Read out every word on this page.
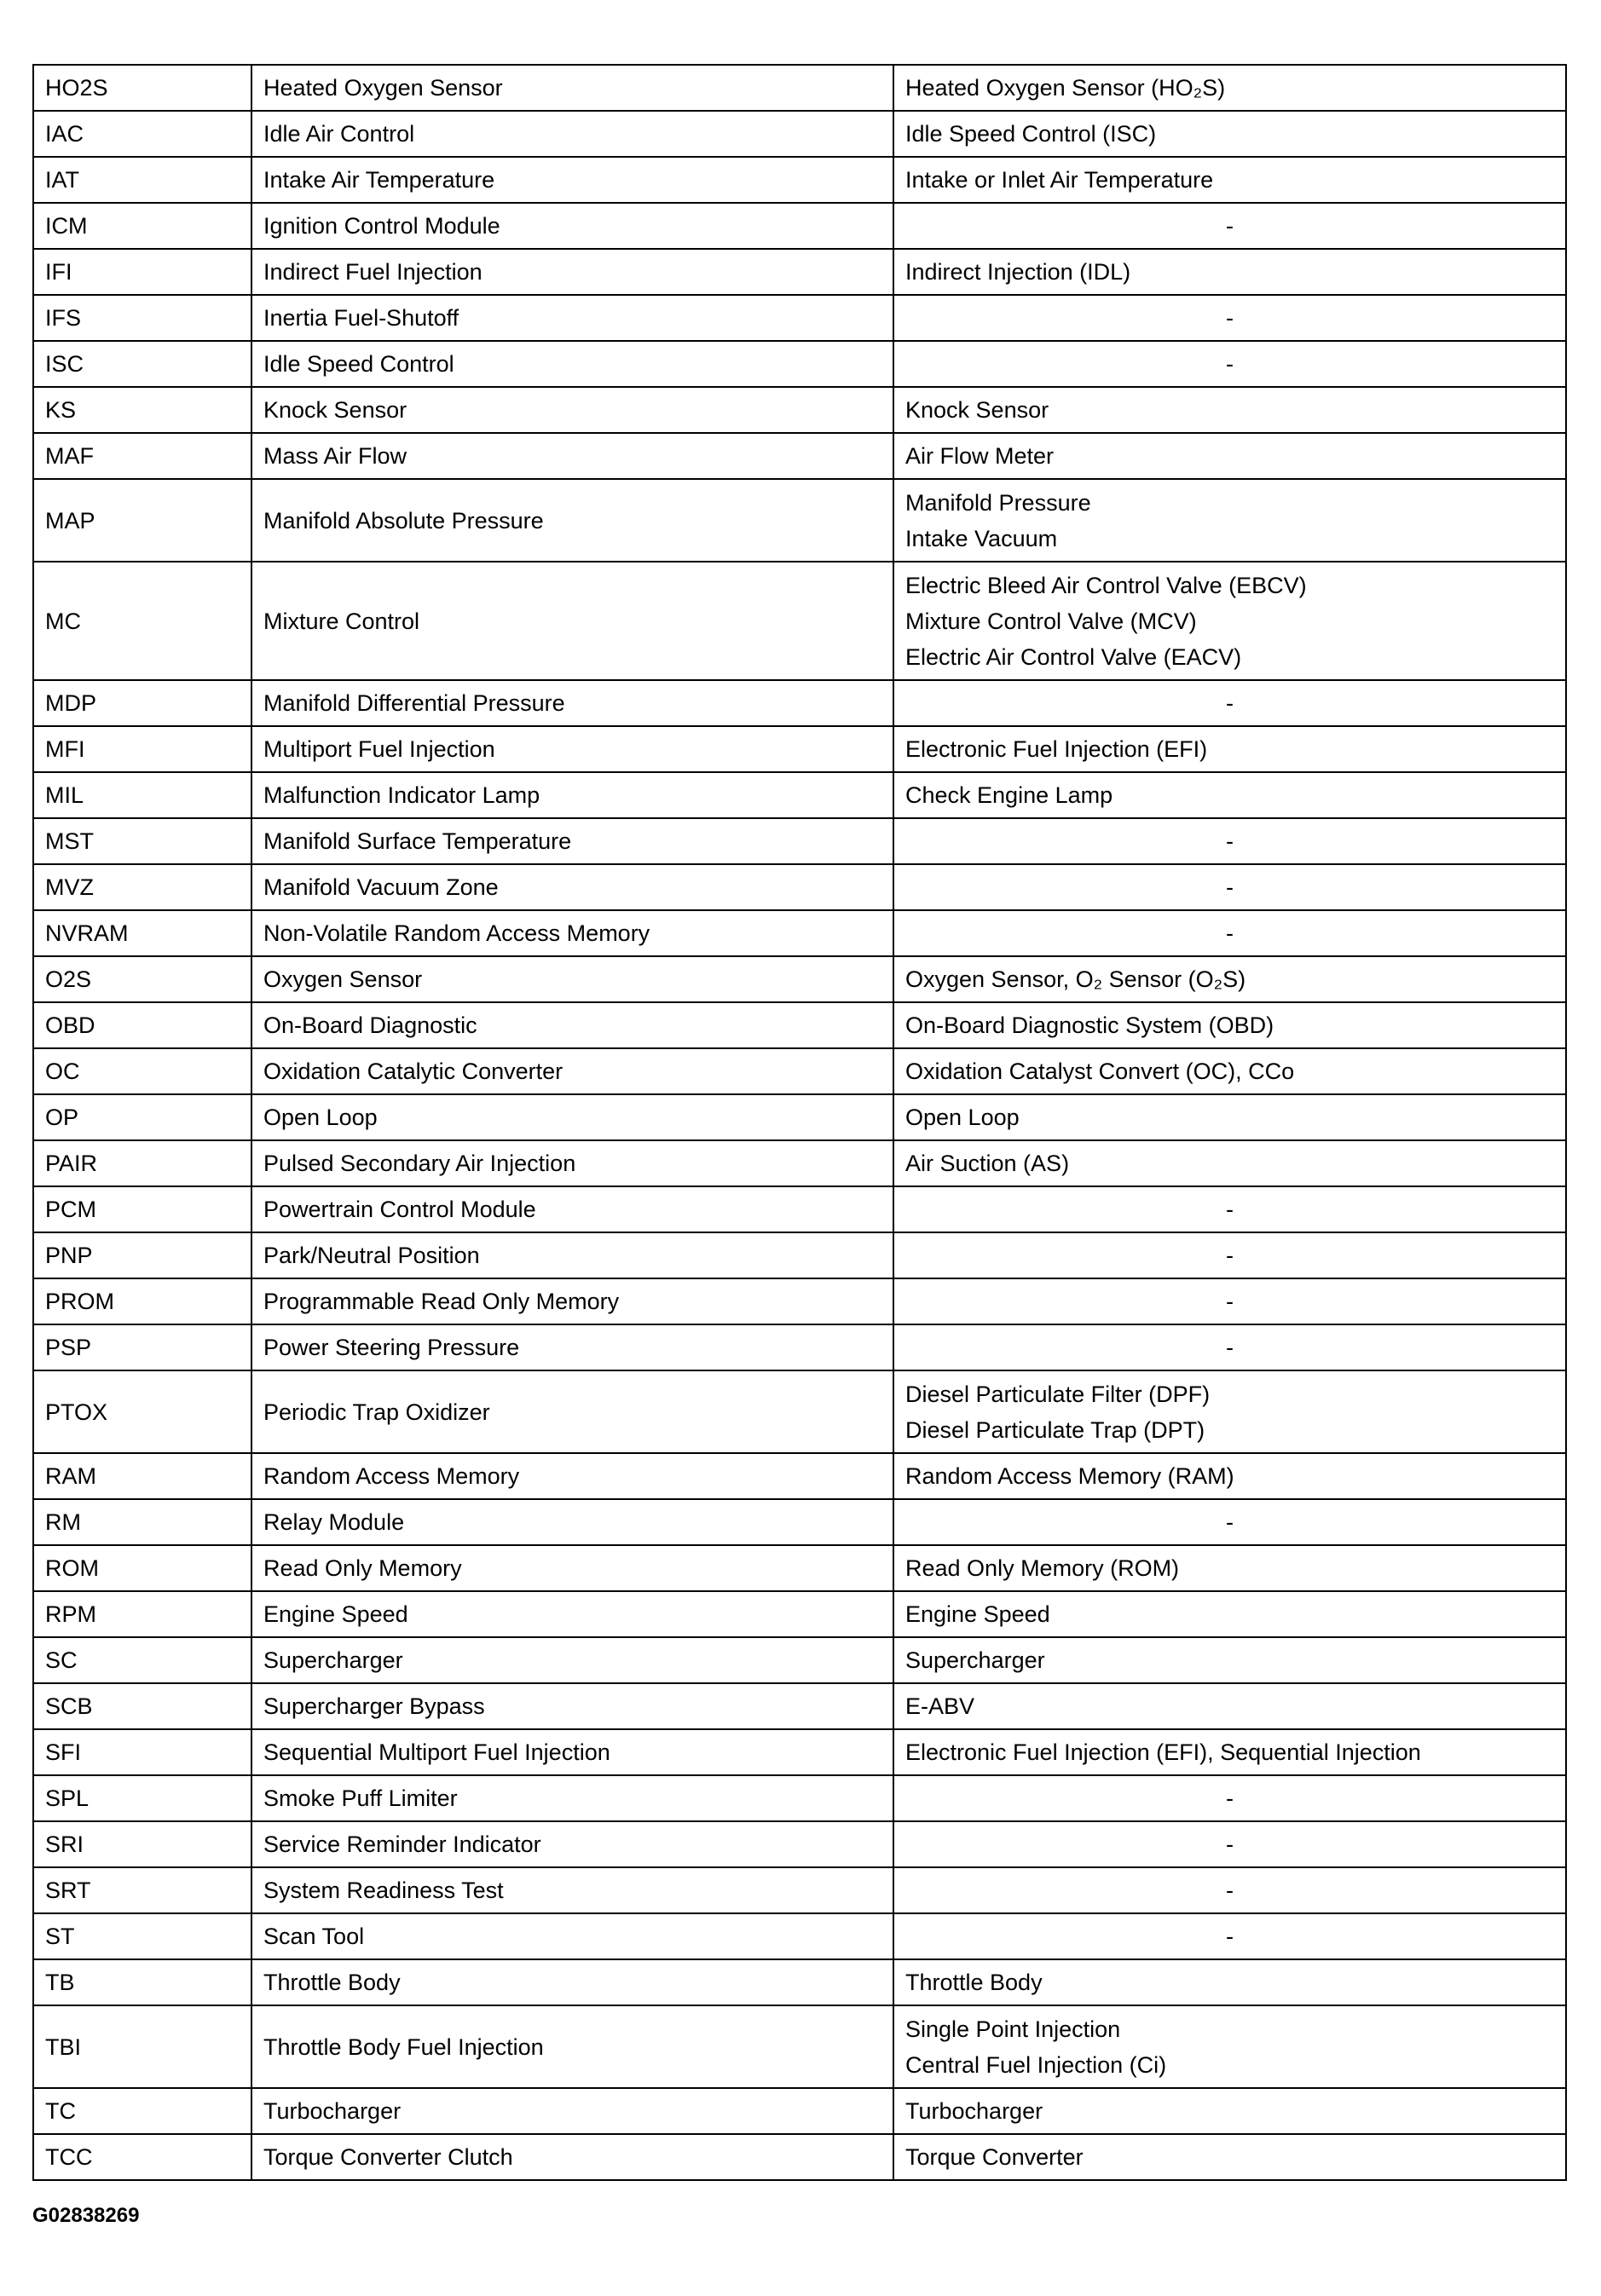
HO2S	Heated Oxygen Sensor	Heated Oxygen Sensor (HO₂S)

IAC	Idle Air Control	Idle Speed Control (ISC)

IAT	Intake Air Temperature	Intake or Inlet Air Temperature

ICM	Ignition Control Module	-

IFI	Indirect Fuel Injection	Indirect Injection (IDL)

IFS	Inertia Fuel-Shutoff	-

ISC	Idle Speed Control	-

KS	Knock Sensor	Knock Sensor

MAF	Mass Air Flow	Air Flow Meter

MAP	Manifold Absolute Pressure	Manifold Pressure
Intake Vacuum

MC	Mixture Control	Electric Bleed Air Control Valve (EBCV)
Mixture Control Valve (MCV)
Electric Air Control Valve (EACV)

MDP	Manifold Differential Pressure	-

MFI	Multiport Fuel Injection	Electronic Fuel Injection (EFI)

MIL	Malfunction Indicator Lamp	Check Engine Lamp

MST	Manifold Surface Temperature	-

MVZ	Manifold Vacuum Zone	-

NVRAM	Non-Volatile Random Access Memory	-

O2S	Oxygen Sensor	Oxygen Sensor, O₂ Sensor (O₂S)

OBD	On-Board Diagnostic	On-Board Diagnostic System (OBD)

OC	Oxidation Catalytic Converter	Oxidation Catalyst Convert (OC), CCo

OP	Open Loop	Open Loop

PAIR	Pulsed Secondary Air Injection	Air Suction (AS)

PCM	Powertrain Control Module	-

PNP	Park/Neutral Position	-

PROM	Programmable Read Only Memory	-

PSP	Power Steering Pressure	-

PTOX	Periodic Trap Oxidizer	Diesel Particulate Filter (DPF)
Diesel Particulate Trap (DPT)

RAM	Random Access Memory	Random Access Memory (RAM)

RM	Relay Module	-

ROM	Read Only Memory	Read Only Memory (ROM)

RPM	Engine Speed	Engine Speed

SC	Supercharger	Supercharger

SCB	Supercharger Bypass	E-ABV

SFI	Sequential Multiport Fuel Injection	Electronic Fuel Injection (EFI), Sequential Injection

SPL	Smoke Puff Limiter	-

SRI	Service Reminder Indicator	-

SRT	System Readiness Test	-

ST	Scan Tool	-

TB	Throttle Body	Throttle Body

TBI	Throttle Body Fuel Injection	Single Point Injection
Central Fuel Injection (Ci)

TC	Turbocharger	Turbocharger

TCC	Torque Converter Clutch	Torque Converter
G02838269
